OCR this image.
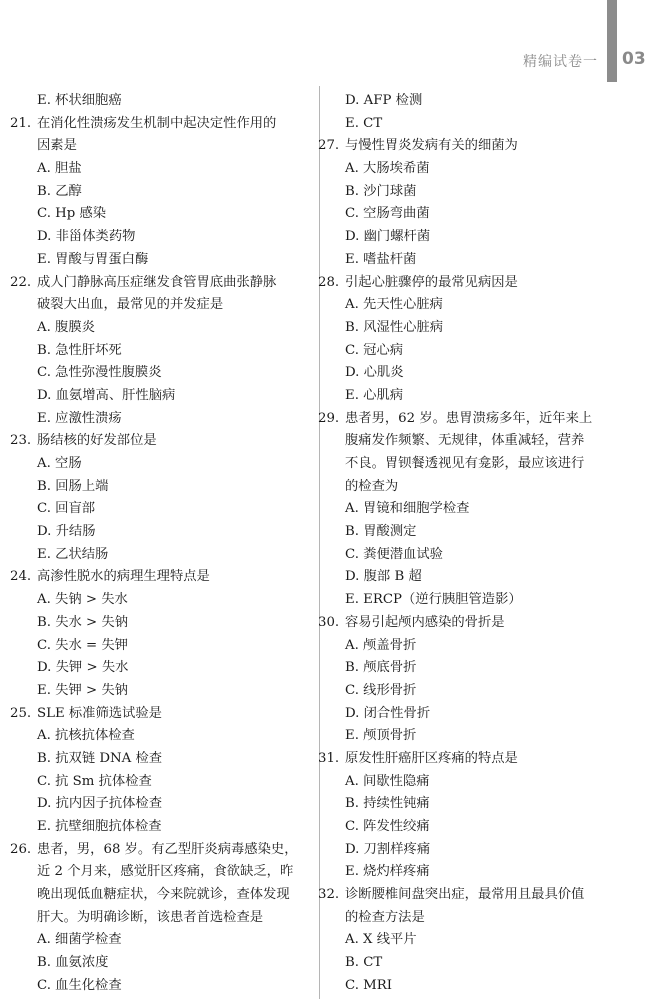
精编试卷一 03
E. 杯状细胞癌
21. 在消化性溃疡发生机制中起决定性作用的
因素是
A. 胆盐
B. 乙醇
C. Hp 感染
D. 非甾体类药物
E. 胃酸与胃蛋白酶
22. 成人门静脉高压症继发食管胃底曲张静脉
破裂大出血，最常见的并发症是
A. 腹膜炎
B. 急性肝坏死
C. 急性弥漫性腹膜炎
D. 血氨增高、肝性脑病
E. 应激性溃疡
23. 肠结核的好发部位是
A. 空肠
B. 回肠上端
C. 回盲部
D. 升结肠
E. 乙状结肠
24. 高渗性脱水的病理生理特点是
A. 失钠 > 失水
B. 失水 > 失钠
C. 失水 = 失钾
D. 失钾 > 失水
E. 失钾 > 失钠
25. SLE 标准筛选试验是
A. 抗核抗体检查
B. 抗双链 DNA 检查
C. 抗 Sm 抗体检查
D. 抗内因子抗体检查
E. 抗壁细胞抗体检查
26. 患者，男，68 岁。有乙型肝炎病毒感染史，
近 2 个月来，感觉肝区疼痛，食欲缺乏，昨
晚出现低血糖症状，今来院就诊，查体发现
肝大。为明确诊断，该患者首选检查是
A. 细菌学检查
B. 血氨浓度
C. 血生化检查
D. AFP 检测
E. CT
27. 与慢性胃炎发病有关的细菌为
A. 大肠埃希菌
B. 沙门球菌
C. 空肠弯曲菌
D. 幽门螺杆菌
E. 嗜盐杆菌
28. 引起心脏骤停的最常见病因是
A. 先天性心脏病
B. 风湿性心脏病
C. 冠心病
D. 心肌炎
E. 心肌病
29. 患者男，62 岁。患胃溃疡多年，近年来上
腹痛发作频繁、无规律，体重减轻，营养
不良。胃钡餐透视见有龛影，最应该进行
的检查为
A. 胃镜和细胞学检查
B. 胃酸测定
C. 粪便潜血试验
D. 腹部 B 超
E. ERCP（逆行胰胆管造影）
30. 容易引起颅内感染的骨折是
A. 颅盖骨折
B. 颅底骨折
C. 线形骨折
D. 闭合性骨折
E. 颅顶骨折
31. 原发性肝癌肝区疼痛的特点是
A. 间歇性隐痛
B. 持续性钝痛
C. 阵发性绞痛
D. 刀割样疼痛
E. 烧灼样疼痛
32. 诊断腰椎间盘突出症，最常用且最具价值
的检查方法是
A. X 线平片
B. CT
C. MRI
